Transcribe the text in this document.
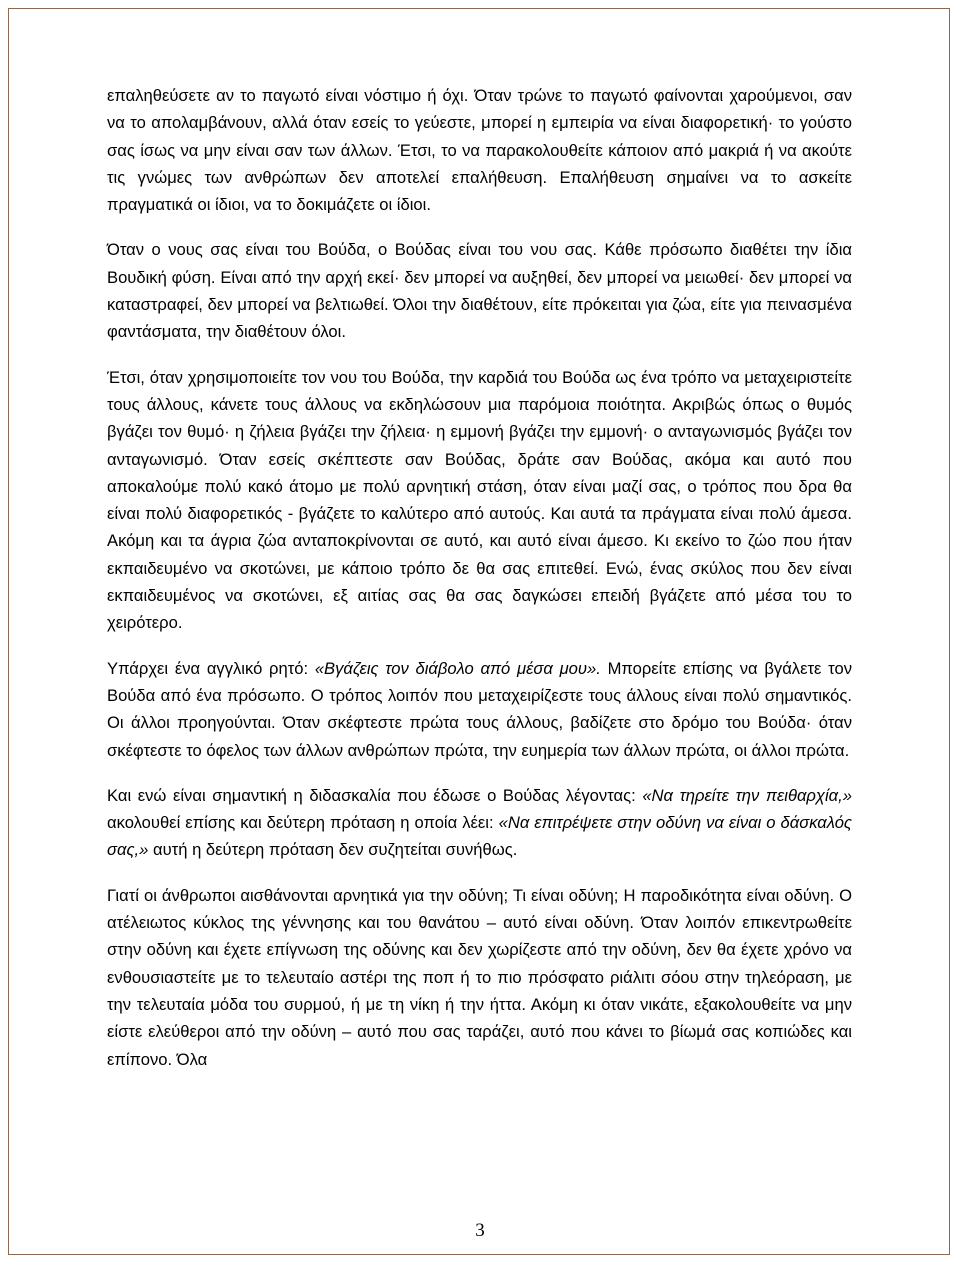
επαληθεύσετε αν το παγωτό είναι νόστιμο ή όχι. Όταν τρώνε το παγωτό φαίνονται χαρούμενοι, σαν να το απολαμβάνουν, αλλά όταν εσείς το γεύεστε, μπορεί η εμπειρία να είναι διαφορετική· το γούστο σας ίσως να μην είναι σαν των άλλων. Έτσι, το να παρακολουθείτε κάποιον από μακριά ή να ακούτε τις γνώμες των ανθρώπων δεν αποτελεί επαλήθευση. Επαλήθευση σημαίνει να το ασκείτε πραγματικά οι ίδιοι, να το δοκιμάζετε οι ίδιοι.

Όταν ο νους σας είναι του Βούδα, ο Βούδας είναι του νου σας. Κάθε πρόσωπο διαθέτει την ίδια Βουδική φύση. Είναι από την αρχή εκεί· δεν μπορεί να αυξηθεί, δεν μπορεί να μειωθεί· δεν μπορεί να καταστραφεί, δεν μπορεί να βελτιωθεί. Όλοι την διαθέτουν, είτε πρόκειται για ζώα, είτε για πεινασμένα φαντάσματα, την διαθέτουν όλοι.

Έτσι, όταν χρησιμοποιείτε τον νου του Βούδα, την καρδιά του Βούδα ως ένα τρόπο να μεταχειριστείτε τους άλλους, κάνετε τους άλλους να εκδηλώσουν μια παρόμοια ποιότητα. Ακριβώς όπως ο θυμός βγάζει τον θυμό· η ζήλεια βγάζει την ζήλεια· η εμμονή βγάζει την εμμονή· ο ανταγωνισμός βγάζει τον ανταγωνισμό. Όταν εσείς σκέπτεστε σαν Βούδας, δράτε σαν Βούδας, ακόμα και αυτό που αποκαλούμε πολύ κακό άτομο με πολύ αρνητική στάση, όταν είναι μαζί σας, ο τρόπος που δρα θα είναι πολύ διαφορετικός - βγάζετε το καλύτερο από αυτούς. Και αυτά τα πράγματα είναι πολύ άμεσα. Ακόμη και τα άγρια ζώα ανταποκρίνονται σε αυτό, και αυτό είναι άμεσο. Κι εκείνο το ζώο που ήταν εκπαιδευμένο να σκοτώνει, με κάποιο τρόπο δε θα σας επιτεθεί. Ενώ, ένας σκύλος που δεν είναι εκπαιδευμένος να σκοτώνει, εξ αιτίας σας θα σας δαγκώσει επειδή βγάζετε από μέσα του το χειρότερο.

Υπάρχει ένα αγγλικό ρητό: «Βγάζεις τον διάβολο από μέσα μου». Μπορείτε επίσης να βγάλετε τον Βούδα από ένα πρόσωπο. Ο τρόπος λοιπόν που μεταχειρίζεστε τους άλλους είναι πολύ σημαντικός. Οι άλλοι προηγούνται. Όταν σκέφτεστε πρώτα τους άλλους, βαδίζετε στο δρόμο του Βούδα· όταν σκέφτεστε το όφελος των άλλων ανθρώπων πρώτα, την ευημερία των άλλων πρώτα, οι άλλοι πρώτα.

Και ενώ είναι σημαντική η διδασκαλία που έδωσε ο Βούδας λέγοντας: «Να τηρείτε την πειθαρχία,» ακολουθεί επίσης και δεύτερη πρόταση η οποία λέει: «Να επιτρέψετε στην οδύνη να είναι ο δάσκαλός σας,» αυτή η δεύτερη πρόταση δεν συζητείται συνήθως.

Γιατί οι άνθρωποι αισθάνονται αρνητικά για την οδύνη; Τι είναι οδύνη; Η παροδικότητα είναι οδύνη. Ο ατέλειωτος κύκλος της γέννησης και του θανάτου – αυτό είναι οδύνη. Όταν λοιπόν επικεντρωθείτε στην οδύνη και έχετε επίγνωση της οδύνης και δεν χωρίζεστε από την οδύνη, δεν θα έχετε χρόνο να ενθουσιαστείτε με το τελευταίο αστέρι της ποπ ή το πιο πρόσφατο ριάλιτι σόου στην τηλεόραση, με την τελευταία μόδα του συρμού, ή με τη νίκη ή την ήττα. Ακόμη κι όταν νικάτε, εξακολουθείτε να μην είστε ελεύθεροι από την οδύνη – αυτό που σας ταράζει, αυτό που κάνει το βίωμά σας κοπιώδες και επίπονο. Όλα

3
